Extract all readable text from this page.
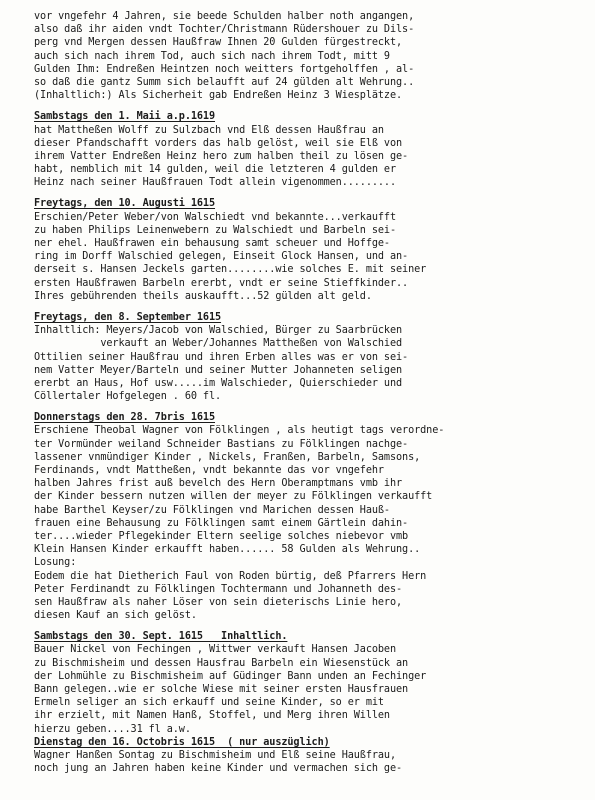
vor vngefehr 4 Jahren, sie beede Schulden halber noth angangen,
also daß ihr aiden vndt Tochter/Christmann Rüdershouer zu Dils-
perg vnd Mergen dessen Haußfraw Ihnen 20 Gulden fürgestreckt,
auch sich nach ihrem Tod, auch sich nach ihrem Todt, mitt 9
Gulden Ihm: Endreßen Heintzen noch weitters fortgeholffen , al-
so daß die gantz Summ sich belaufft auf 24 gülden alt Wehrung..
(Inhaltlich:) Als Sicherheit gab Endreßen Heinz 3 Wiesplätze.
Sambstags den 1. Maii a.p.1619
hat Mattheßen Wolff zu Sulzbach vnd Elß dessen Haußfrau an
dieser Pfandschafft vorders das halb gelöst, weil sie Elß von
ihrem Vatter Endreßen Heinz hero zum halben theil zu lösen ge-
habt, nemblich mit 14 gulden, weil die letzteren 4 gulden er
Heinz nach seiner Haußfrauen Todt allein vigenommen.........
Freytags, den 10. Augusti 1615
Erschien/Peter Weber/von Walschiedt vnd bekannte...verkaufft
zu haben Philips Leinenwebern zu Walschiedt und Barbeln sei-
ner ehel. Haußfrawen ein behausung samt scheuer und Hoffge-
ring im Dorff Walschied gelegen, Einseit Glock Hansen, und an-
derseit s. Hansen Jeckels garten........wie solches E. mit seiner
ersten Haußfrawen Barbeln ererbt, vndt er seine Stieffkinder..
Ihres gebührenden theils auskaufft...52 gülden alt geld.
Freytags, den 8. September 1615
Inhaltlich: Meyers/Jacob von Walschied, Bürger zu Saarbrücken
verkauft an Weber/Johannes Mattheßen von Walschied
Ottilien seiner Haußfrau und ihren Erben alles was er von sei-
nem Vatter Meyer/Barteln und seiner Mutter Johanneten seligen
ererbt an Haus, Hof usw.....im Walschieder, Quierschieder und
Cöllertaler Hofgelegen . 60 fl.
Donnerstags den 28. 7bris 1615
Erschiene Theobal Wagner von Fölklingen , als heutigt tags verordne-
ter Vormünder weiland Schneider Bastians zu Fölklingen nachge-
lassener vnmündiger Kinder , Nickels, Franßen, Barbeln, Samsons,
Ferdinands, vndt Mattheßen, vndt bekannte das vor vngefehr
halben Jahres frist auß bevelch des Hern Oberamptmans vmb ihr
der Kinder bessern nutzen willen der meyer zu Fölklingen verkaufft
habe Barthel Keyser/zu Fölklingen vnd Marichen dessen Hauß-
frauen eine Behausung zu Fölklingen samt einem Gärtlein dahin-
ter....wieder Pflegekinder Eltern seelige solches niebevor vmb
Klein Hansen Kinder erkaufft haben...... 58 Gulden als Wehrung..
Losung:
Eodem die hat Dietherich Faul von Roden bürtig, deß Pfarrers Hern
Peter Ferdinandt zu Fölklingen Tochtermann und Johanneth des-
sen Haußfraw als naher Löser von sein dieterischs Linie hero,
diesen Kauf an sich gelöst.
Sambstags den 30. Sept. 1615   Inhaltlich.
Bauer Nickel von Fechingen , Wittwer verkauft Hansen Jacoben
zu Bischmisheim und dessen Hausfrau Barbeln ein Wiesenstück an
der Lohmühle zu Bischmisheim auf Güdinger Bann unden an Fechinger
Bann gelegen..wie er solche Wiese mit seiner ersten Hausfrauen
Ermeln seliger an sich erkauff und seine Kinder, so er mit
ihr erzielt, mit Namen Hanß, Stoffel, und Merg ihren Willen
hierzu geben....31 fl a.w.
Dienstag den 16. Octobris 1615  ( nur auszüglich)
Wagner Hanßen Sontag zu Bischmisheim und Elß seine Haußfrau,
noch jung an Jahren haben keine Kinder und vermachen sich ge-
